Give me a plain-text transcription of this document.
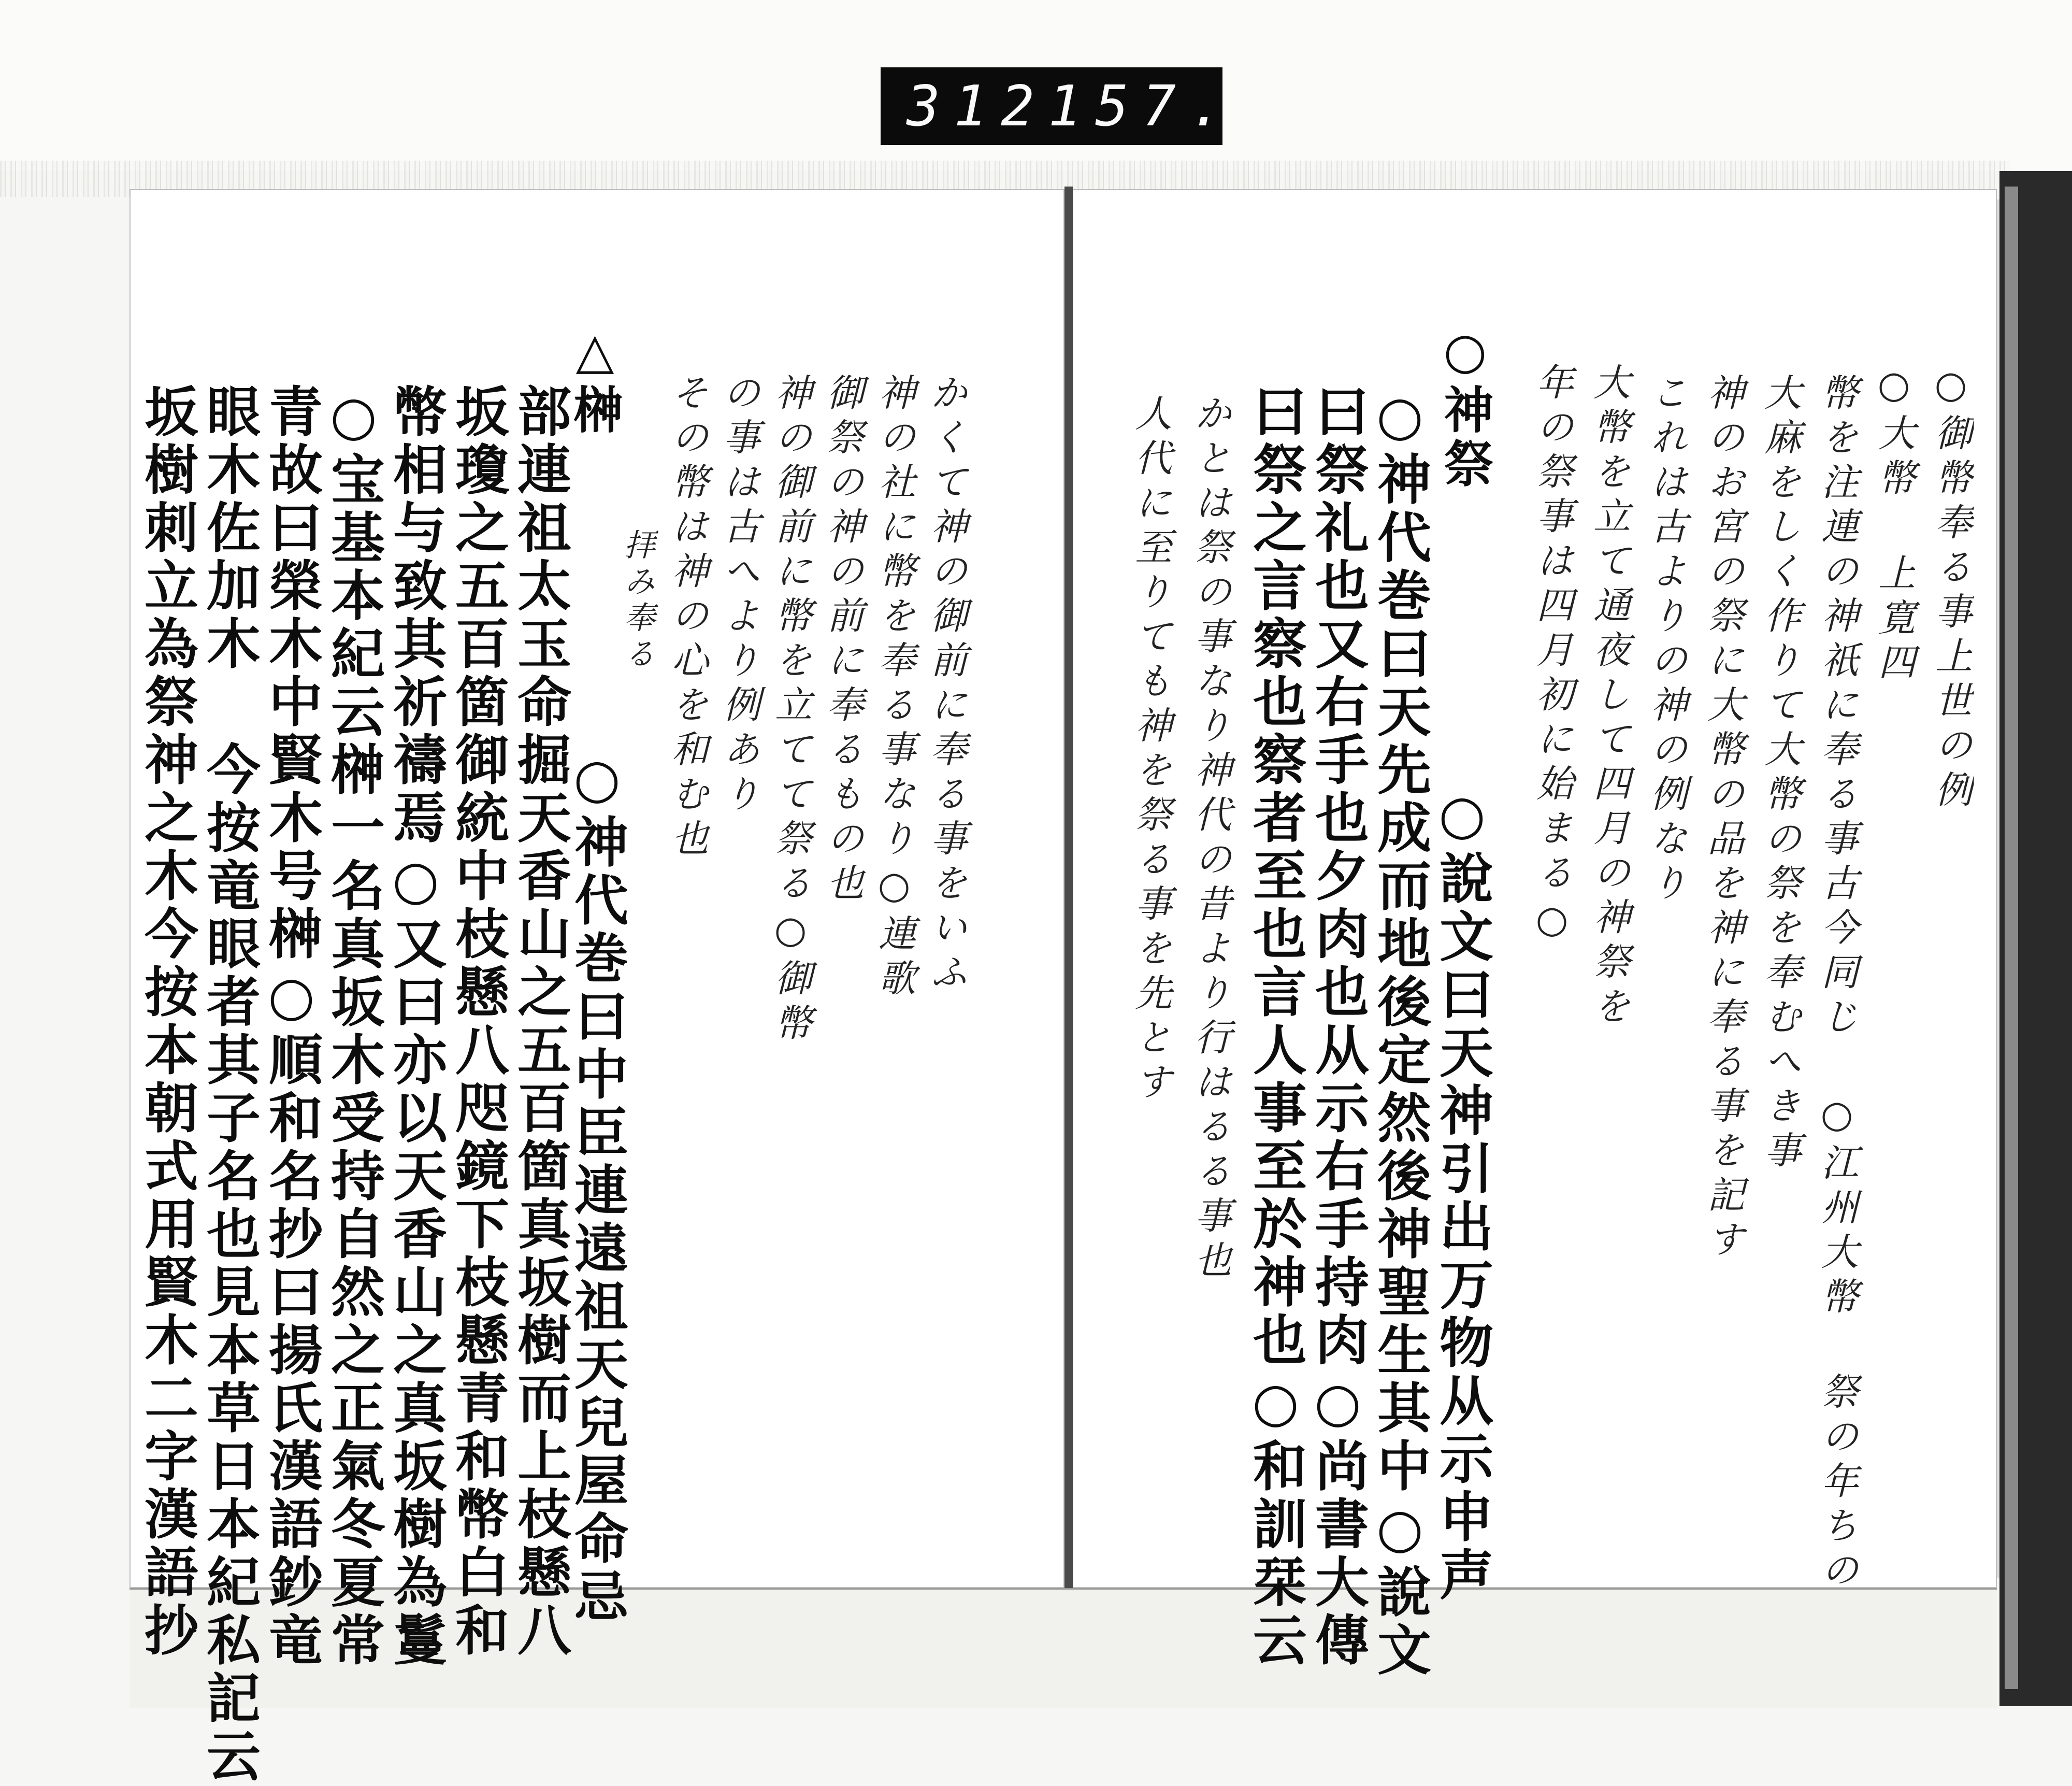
312 157.
○御幣奉る事上世の例
○大幣 上寛四
幣を注連の神祇に奉る事古今同じ ○江州大幣 祭の年ちの
大麻をしく作りて大幣の祭を奉むへき事
神のお宮の祭に大幣の品を神に奉る事を記す
これは古よりの神の例なり
大幣を立て通夜して四月の神祭を
年の祭事は四月初に始まる○
○神祭
○說文曰天神引出万物从示申声
○神代巻曰天先成而地後定然後神聖生其中○說文
曰祭礼也又右手也夕肉也从示右手持肉○尚書大傳
曰祭之言察也察者至也言人事至於神也○和訓栞云
かとは祭の事なり神代の昔より行はるる事也
人代に至りても神を祭る事を先とす
かくて神の御前に奉る事をいふ
神の社に幣を奉る事なり○連歌
御祭の神の前に奉るもの也
神の御前に幣を立てて祭る○御幣
の事は古へより例あり
その幣は神の心を和む也
拝み奉る
△榊
○神代巻曰中臣連遠祖天兒屋命忌
部連祖太玉命掘天香山之五百箇真坂樹而上枝懸八
坂瓊之五百箇御統中枝懸八咫鏡下枝懸青和幣白和
幣相与致其祈禱焉○又曰亦以天香山之真坂樹為鬘
○宝基本紀云榊一名真坂木受持自然之正氣冬夏常
青故曰榮木中賢木号榊○順和名抄曰揚氏漢語鈔竜
眼木佐加木 今按竜眼者其子名也見本草日本紀私記云
坂樹刺立為祭神之木今按本朝式用賢木二字漢語抄
